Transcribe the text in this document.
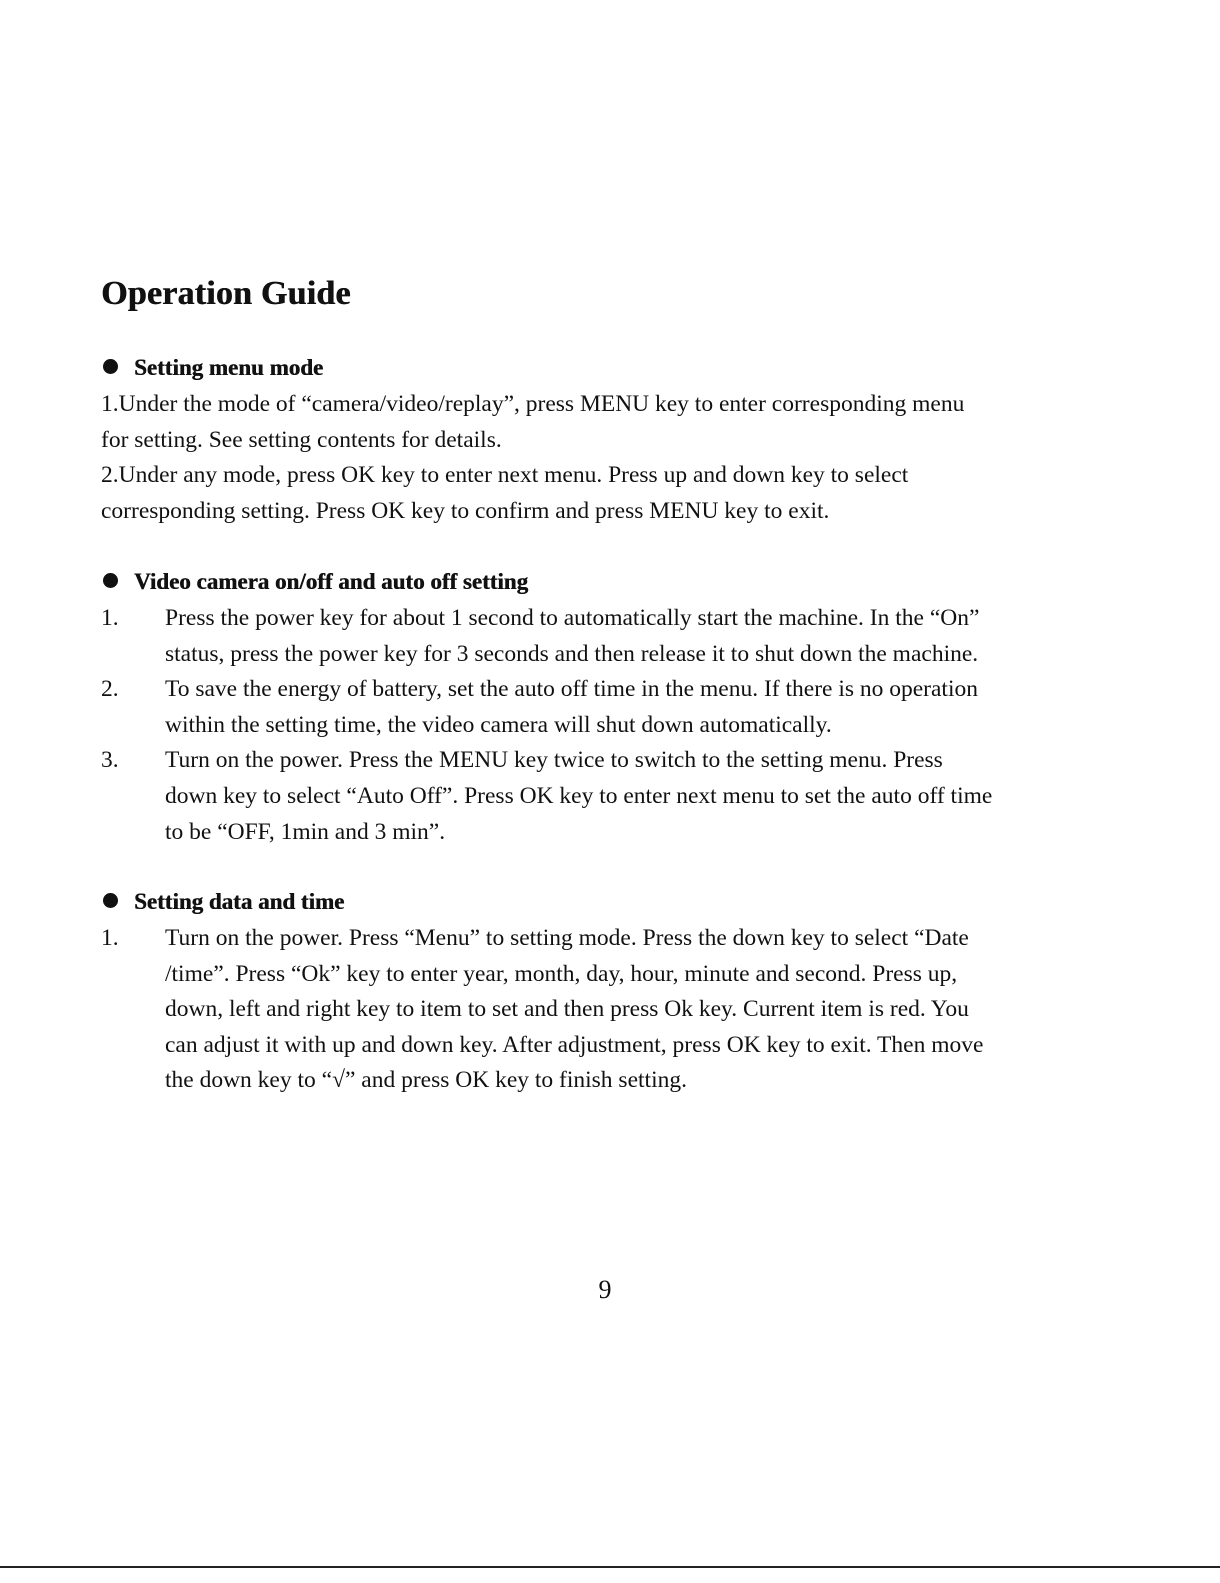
Operation Guide
Setting menu mode
1.Under the mode of “camera/video/replay”, press MENU key to enter corresponding menu
for setting. See setting contents for details.
2.Under any mode, press OK key to enter next menu. Press up and down key to select
corresponding setting. Press OK key to confirm and press MENU key to exit.
Video camera on/off and auto off setting
1. Press the power key for about 1 second to automatically start the machine. In the “On”
status, press the power key for 3 seconds and then release it to shut down the machine.
2. To save the energy of battery, set the auto off time in the menu. If there is no operation
within the setting time, the video camera will shut down automatically.
3. Turn on the power. Press the MENU key twice to switch to the setting menu. Press
down key to select “Auto Off”. Press OK key to enter next menu to set the auto off time
to be “OFF, 1min and 3 min”.
Setting data and time
1. Turn on the power. Press “Menu” to setting mode. Press the down key to select “Date
/time”. Press “Ok” key to enter year, month, day, hour, minute and second. Press up,
down, left and right key to item to set and then press Ok key. Current item is red. You
can adjust it with up and down key. After adjustment, press OK key to exit. Then move
the down key to “√” and press OK key to finish setting.
9
